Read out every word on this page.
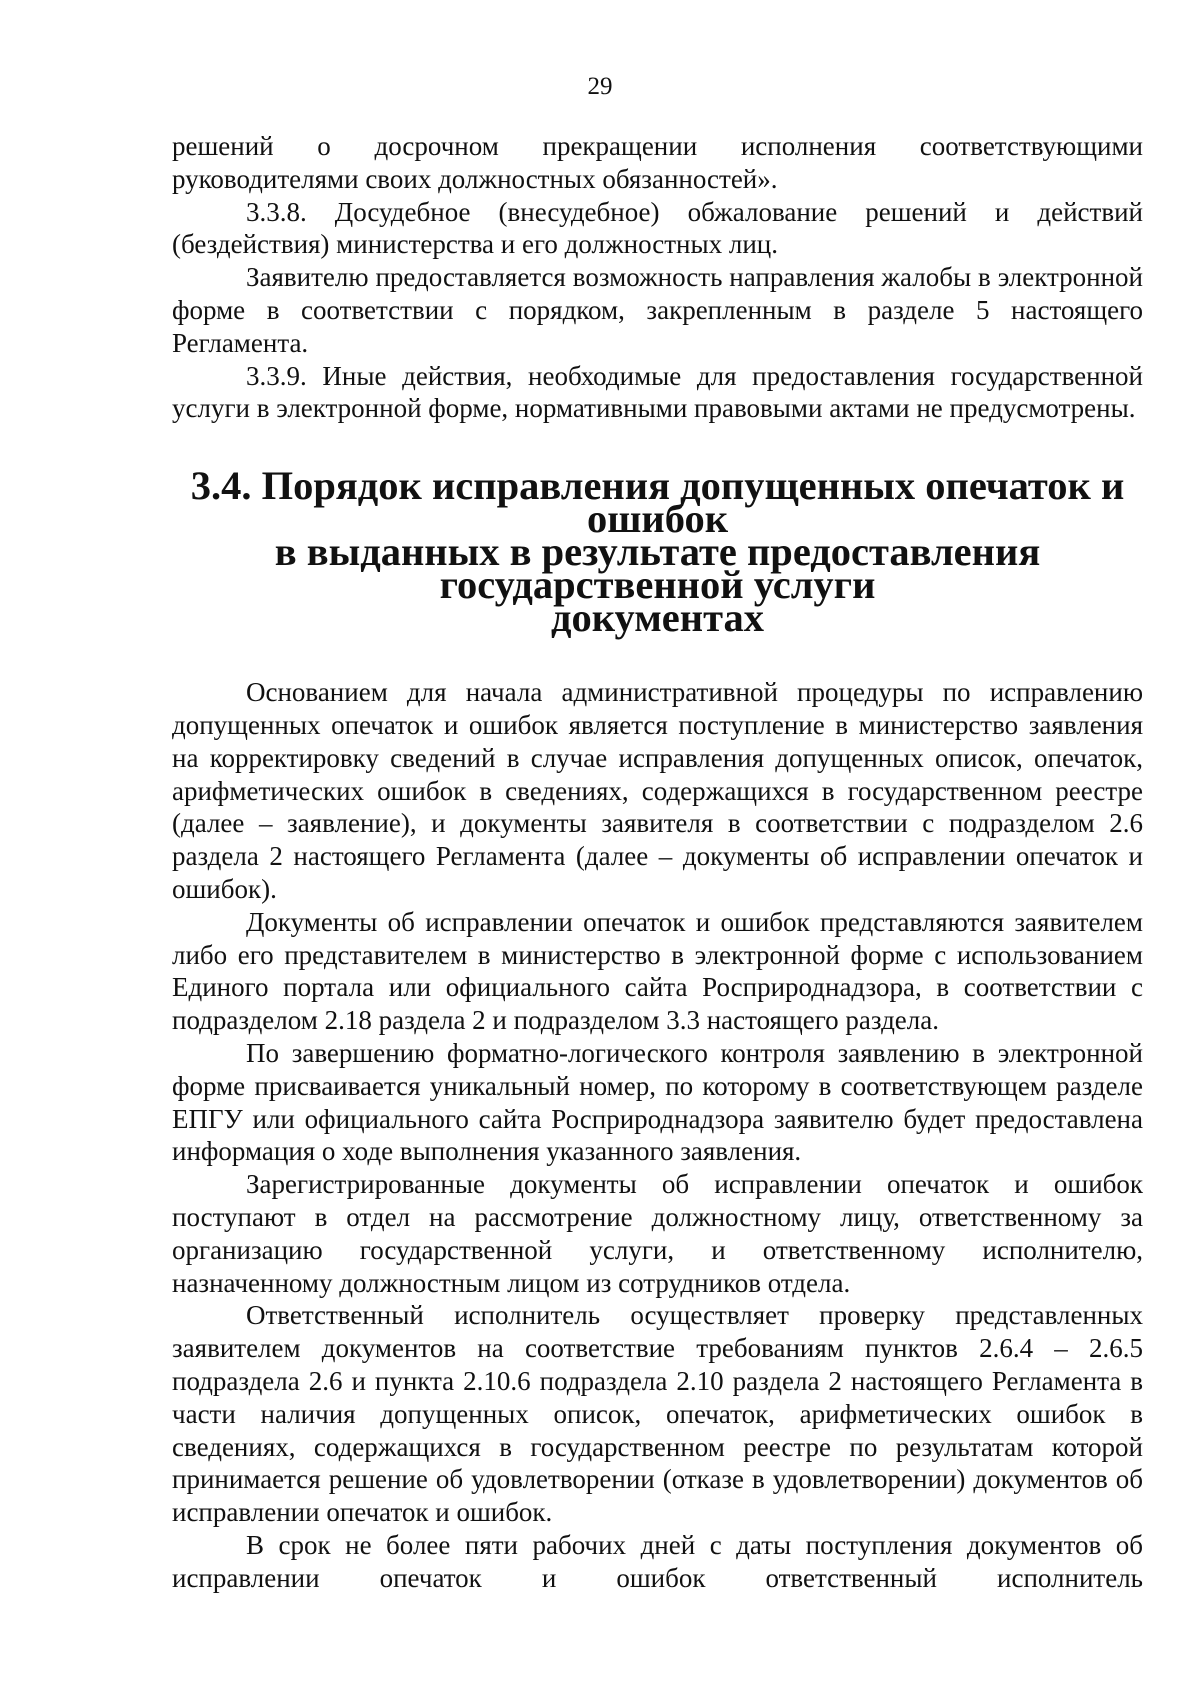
29

решений о досрочном прекращении исполнения соответствующими руководителями своих должностных обязанностей».

3.3.8. Досудебное (внесудебное) обжалование решений и действий (бездействия) министерства и его должностных лиц.

Заявителю предоставляется возможность направления жалобы в электронной форме в соответствии с порядком, закрепленным в разделе 5 настоящего Регламента.

3.3.9. Иные действия, необходимые для предоставления государственной услуги в электронной форме, нормативными правовыми актами не предусмотрены.

3.4. Порядок исправления допущенных опечаток и ошибок
в выданных в результате предоставления государственной услуги
документах

Основанием для начала административной процедуры по исправлению допущенных опечаток и ошибок является поступление в министерство заявления на корректировку сведений в случае исправления допущенных описок, опечаток, арифметических ошибок в сведениях, содержащихся в государственном реестре (далее – заявление), и документы заявителя в соответствии с подразделом 2.6 раздела 2 настоящего Регламента (далее – документы об исправлении опечаток и ошибок).

Документы об исправлении опечаток и ошибок представляются заявителем либо его представителем в министерство в электронной форме с использованием Единого портала или официального сайта Росприроднадзора, в соответствии с подразделом 2.18 раздела 2 и подразделом 3.3 настоящего раздела.

По завершению форматно-логического контроля заявлению в электронной форме присваивается уникальный номер, по которому в соответствующем разделе ЕПГУ или официального сайта Росприроднадзора заявителю будет предоставлена информация о ходе выполнения указанного заявления.

Зарегистрированные документы об исправлении опечаток и ошибок поступают в отдел на рассмотрение должностному лицу, ответственному за организацию государственной услуги, и ответственному исполнителю, назначенному должностным лицом из сотрудников отдела.

Ответственный исполнитель осуществляет проверку представленных заявителем документов на соответствие требованиям пунктов 2.6.4 – 2.6.5 подраздела 2.6 и пункта 2.10.6 подраздела 2.10 раздела 2 настоящего Регламента в части наличия допущенных описок, опечаток, арифметических ошибок в сведениях, содержащихся в государственном реестре по результатам которой принимается решение об удовлетворении (отказе в удовлетворении) документов об исправлении опечаток и ошибок.

В срок не более пяти рабочих дней с даты поступления документов об исправлении опечаток и ошибок ответственный исполнитель
